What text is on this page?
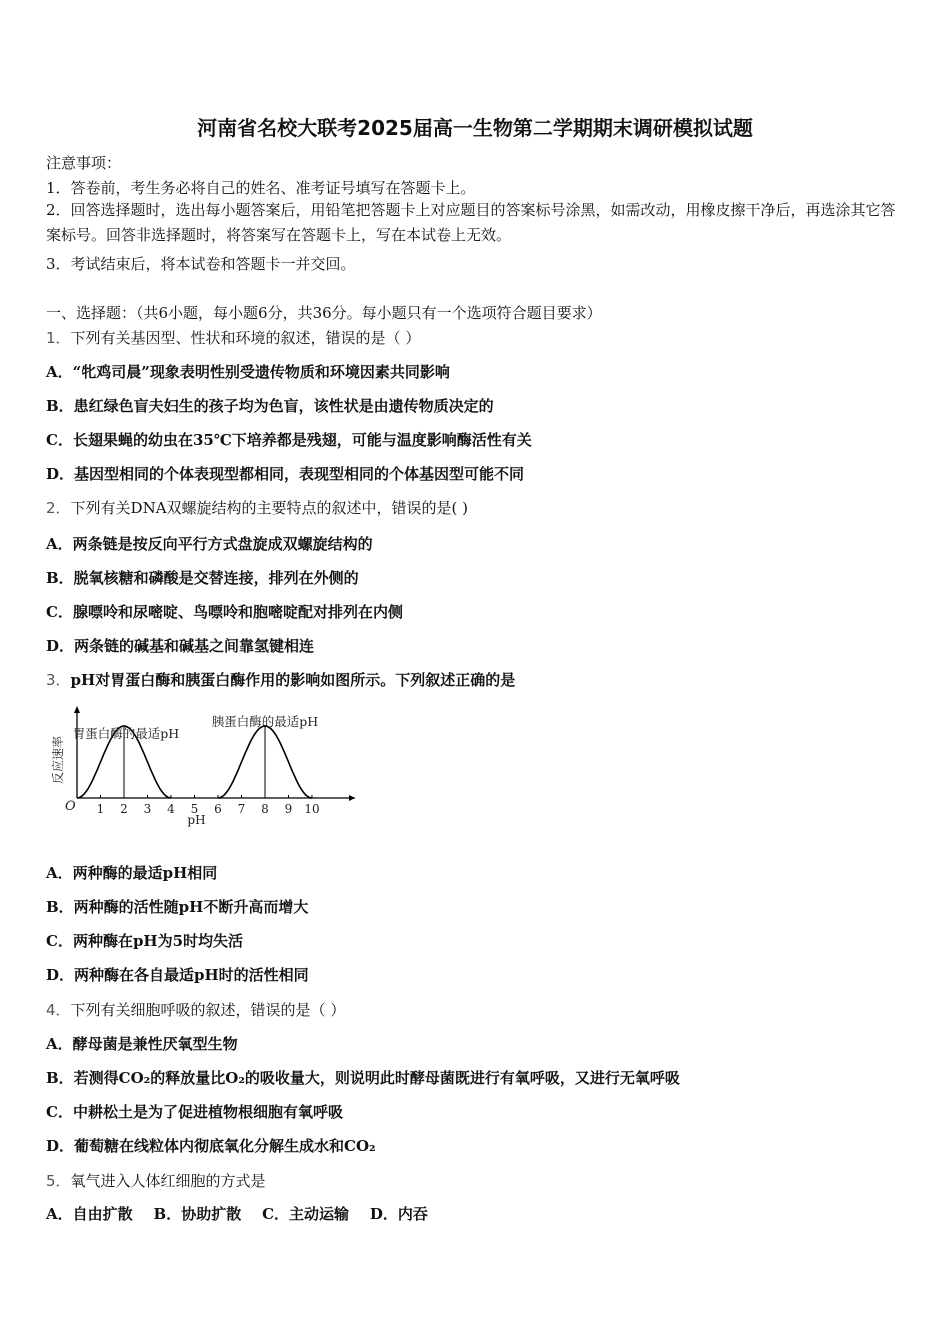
河南省名校大联考2025届高一生物第二学期期末调研模拟试题
注意事项：
1．答卷前，考生务必将自己的姓名、准考证号填写在答题卡上。
2．回答选择题时，选出每小题答案后，用铅笔把答题卡上对应题目的答案标号涂黑，如需改动，用橡皮擦干净后，再选涂其它答案标号。回答非选择题时，将答案写在答题卡上，写在本试卷上无效。
3．考试结束后，将本试卷和答题卡一并交回。
一、选择题：（共6小题，每小题6分，共36分。每小题只有一个选项符合题目要求）
1．下列有关基因型、性状和环境的叙述，错误的是（ ）
A．“牝鸡司晨”现象表明性别受遗传物质和环境因素共同影响
B．患红绿色盲夫妇生的孩子均为色盲，该性状是由遗传物质决定的
C．长翅果蝇的幼虫在35℃下培养都是残翅，可能与温度影响酶活性有关
D．基因型相同的个体表现型都相同，表现型相同的个体基因型可能不同
2．下列有关DNA双螺旋结构的主要特点的叙述中，错误的是( )
A．两条链是按反向平行方式盘旋成双螺旋结构的
B．脱氧核糖和磷酸是交替连接，排列在外侧的
C．腺嘌呤和尿嘧啶、鸟嘌呤和胞嘧啶配对排列在内侧
D．两条链的碱基和碱基之间靠氢键相连
3．pH对胃蛋白酶和胰蛋白酶作用的影响如图所示。下列叙述正确的是
1 2 3 4 5 6 7 8 9 10
O
pH
反应速率
胃蛋白酶的最适pH
胰蛋白酶的最适pH
A．两种酶的最适pH相同
B．两种酶的活性随pH不断升高而增大
C．两种酶在pH为5时均失活
D．两种酶在各自最适pH时的活性相同
4．下列有关细胞呼吸的叙述，错误的是（ ）
A．酵母菌是兼性厌氧型生物
B．若测得CO₂的释放量比O₂的吸收量大，则说明此时酵母菌既进行有氧呼吸，又进行无氧呼吸
C．中耕松土是为了促进植物根细胞有氧呼吸
D．葡萄糖在线粒体内彻底氧化分解生成水和CO₂
5．氧气进入人体红细胞的方式是
A．自由扩散    B．协助扩散    C．主动运输    D．内吞
